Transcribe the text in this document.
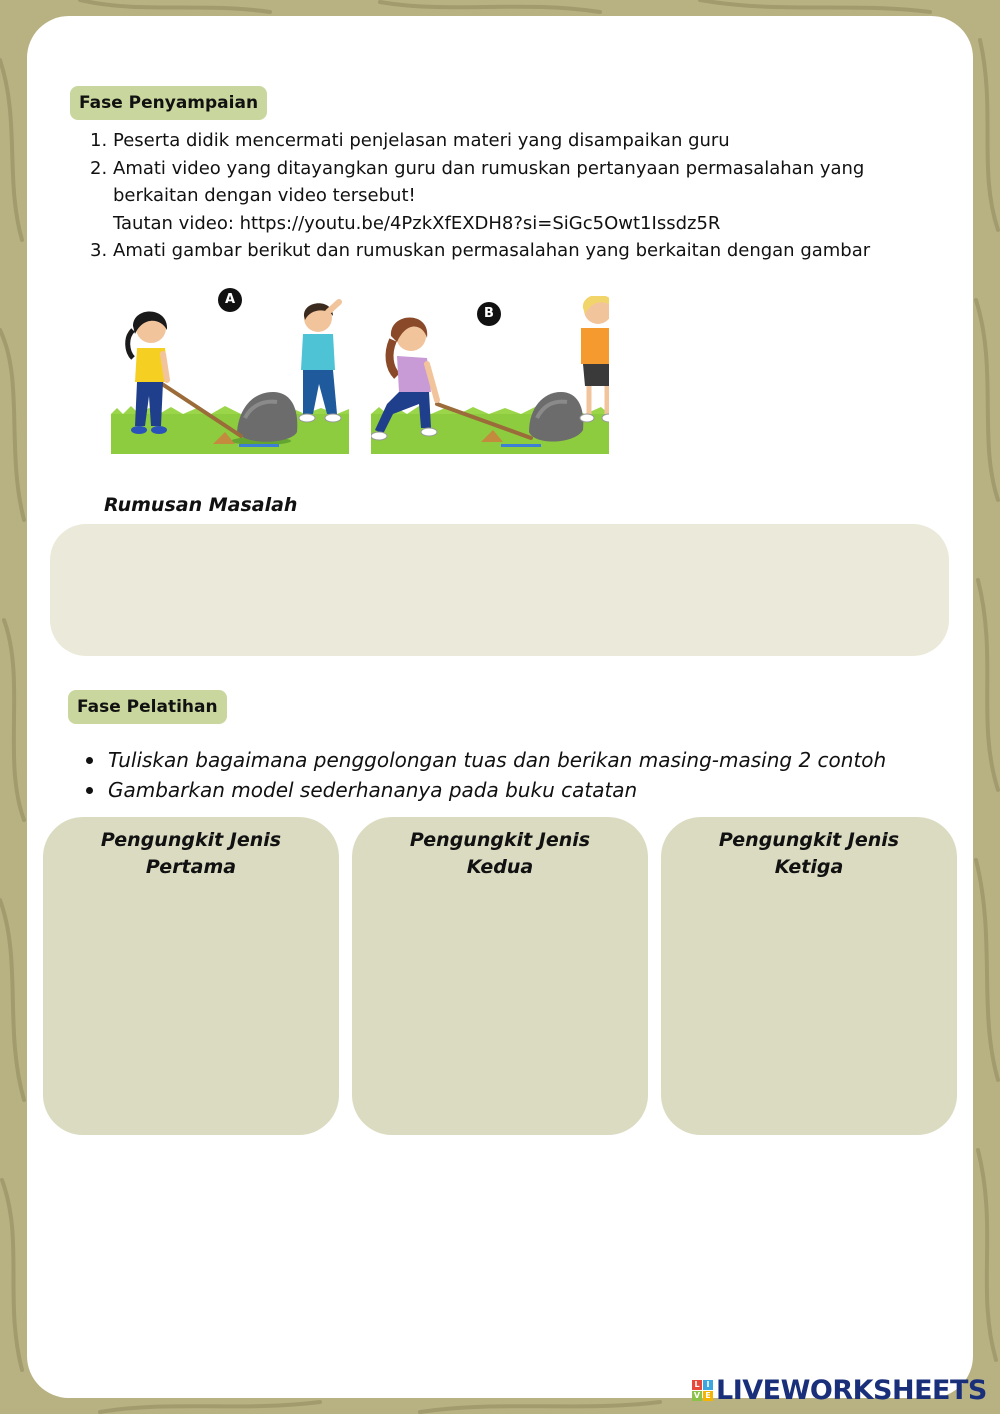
Fase Penyampaian
1. Peserta didik mencermati penjelasan materi yang disampaikan guru
2. Amati video yang ditayangkan guru dan rumuskan pertanyaan permasalahan yang berkaitan dengan video tersebut!
Tautan video: https://youtu.be/4PzkXfEXDH8?si=SiGc5Owt1Issdz5R
3. Amati gambar berikut dan rumuskan permasalahan yang berkaitan dengan gambar
A
B
Rumusan Masalah
Fase Pelatihan
Tuliskan bagaimana penggolongan tuas dan berikan masing-masing 2 contoh
Gambarkan model sederhananya pada buku catatan
Pengungkit Jenis
Pertama
Pengungkit Jenis
Kedua
Pengungkit Jenis
Ketiga
L I
V E LIVEWORKSHEETS
